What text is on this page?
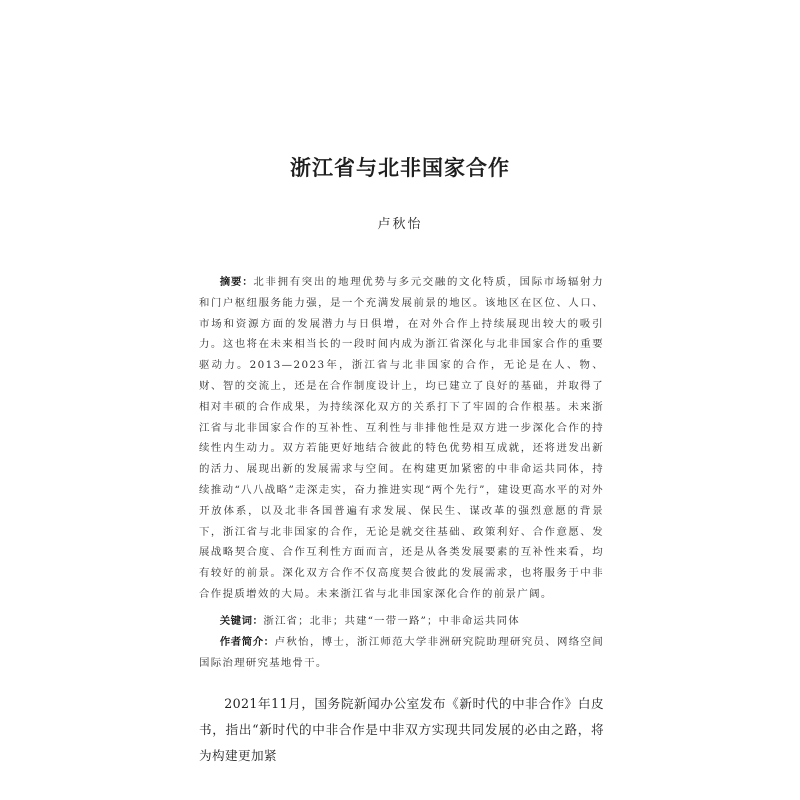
浙江省与北非国家合作
卢秋怡

摘要：北非拥有突出的地理优势与多元交融的文化特质，国际市场辐射力和门户枢纽服务能力强，是一个充满发展前景的地区。该地区在区位、人口、市场和资源方面的发展潜力与日俱增，在对外合作上持续展现出较大的吸引力。这也将在未来相当长的一段时间内成为浙江省深化与北非国家合作的重要驱动力。2013—2023年，浙江省与北非国家的合作，无论是在人、物、财、智的交流上，还是在合作制度设计上，均已建立了良好的基础，并取得了相对丰硕的合作成果，为持续深化双方的关系打下了牢固的合作根基。未来浙江省与北非国家合作的互补性、互利性与非排他性是双方进一步深化合作的持续性内生动力。双方若能更好地结合彼此的特色优势相互成就，还将迸发出新的活力、展现出新的发展需求与空间。在构建更加紧密的中非命运共同体，持续推动“八八战略”走深走实，奋力推进实现“两个先行”，建设更高水平的对外开放体系，以及北非各国普遍有求发展、保民生、谋改革的强烈意愿的背景下，浙江省与北非国家的合作，无论是就交往基础、政策利好、合作意愿、发展战略契合度、合作互利性方面而言，还是从各类发展要素的互补性来看，均有较好的前景。深化双方合作不仅高度契合彼此的发展需求，也将服务于中非合作提质增效的大局。未来浙江省与北非国家深化合作的前景广阔。

关键词：浙江省；北非；共建“一带一路”；中非命运共同体

作者简介：卢秋怡，博士，浙江师范大学非洲研究院助理研究员、网络空间国际治理研究基地骨干。

2021年11月，国务院新闻办公室发布《新时代的中非合作》白皮书，指出“新时代的中非合作是中非双方实现共同发展的必由之路，将为构建更加紧
